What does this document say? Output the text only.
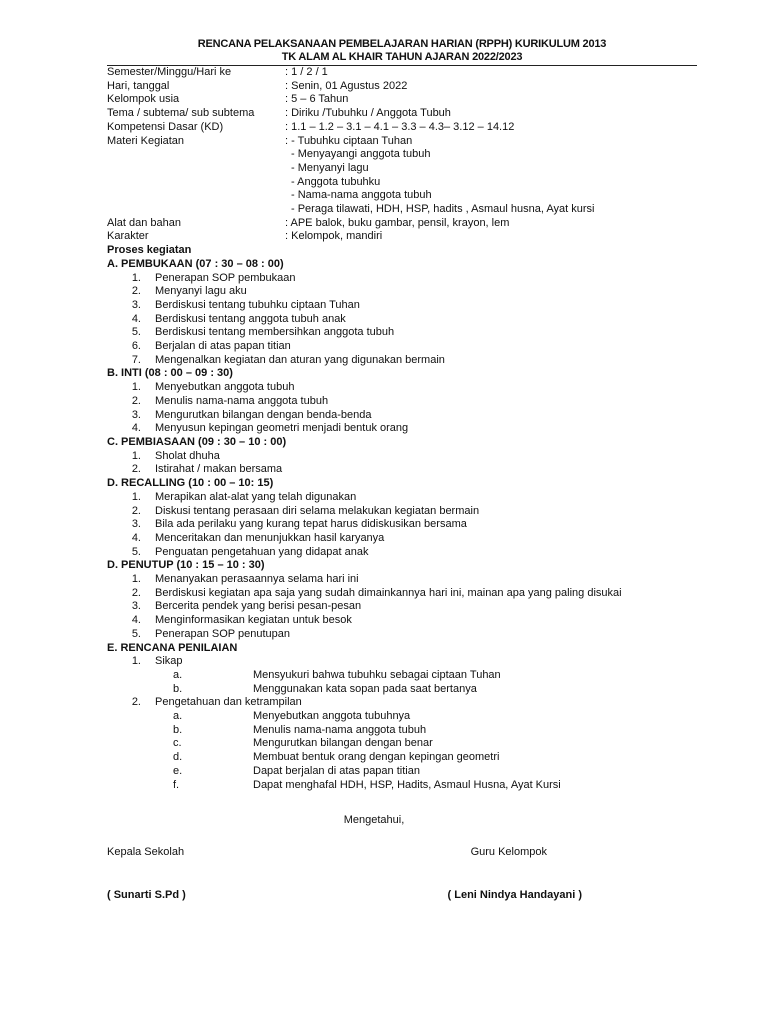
RENCANA PELAKSANAAN PEMBELAJARAN HARIAN (RPPH) KURIKULUM 2013
TK ALAM AL KHAIR TAHUN AJARAN 2022/2023
Semester/Minggu/Hari ke	: 1 / 2 / 1
Hari, tanggal	: Senin, 01 Agustus 2022
Kelompok usia	: 5 – 6 Tahun
Tema / subtema/ sub subtema	: Diriku /Tubuhku / Anggota Tubuh
Kompetensi Dasar (KD)	: 1.1 – 1.2 – 3.1 – 4.1 – 3.3 – 4.3– 3.12 – 14.12
Materi Kegiatan	: - Tubuhku ciptaan Tuhan
- Menyayangi anggota tubuh
- Menyanyi lagu
- Anggota tubuhku
- Nama-nama anggota tubuh
- Peraga tilawati, HDH, HSP, hadits , Asmaul husna, Ayat kursi
Alat dan bahan	: APE balok, buku gambar, pensil, krayon, lem
Karakter	: Kelompok, mandiri
Proses kegiatan
A. PEMBUKAAN (07 : 30 – 08 : 00)
1.	Penerapan SOP pembukaan
2.	Menyanyi lagu aku
3.	Berdiskusi tentang tubuhku ciptaan Tuhan
4.	Berdiskusi tentang anggota tubuh anak
5.	Berdiskusi tentang membersihkan anggota tubuh
6.	Berjalan di atas papan titian
7.	Mengenalkan kegiatan dan aturan yang digunakan bermain
B. INTI (08 : 00 – 09 : 30)
1.	Menyebutkan anggota tubuh
2.	Menulis nama-nama anggota tubuh
3.	Mengurutkan bilangan dengan benda-benda
4.	Menyusun kepingan geometri menjadi bentuk orang
C. PEMBIASAAN (09 : 30 – 10 : 00)
1.	Sholat dhuha
2.	Istirahat / makan bersama
D. RECALLING (10 : 00 – 10: 15)
1.	Merapikan alat-alat yang telah digunakan
2.	Diskusi tentang perasaan diri selama melakukan kegiatan bermain
3.	Bila ada perilaku yang kurang tepat harus didiskusikan bersama
4.	Menceritakan dan menunjukkan hasil karyanya
5.	Penguatan pengetahuan yang didapat anak
D. PENUTUP (10 : 15 – 10 : 30)
1.	Menanyakan perasaannya selama hari ini
2.	Berdiskusi kegiatan apa saja yang sudah dimainkannya hari ini, mainan apa yang paling disukai
3.	Bercerita pendek yang berisi pesan-pesan
4.	Menginformasikan kegiatan untuk besok
5.	Penerapan SOP penutupan
E. RENCANA PENILAIAN
1.	Sikap
a.	Mensyukuri bahwa tubuhku sebagai ciptaan Tuhan
b.	Menggunakan kata sopan pada saat bertanya
2.	Pengetahuan dan ketrampilan
a.	Menyebutkan anggota tubuhnya
b.	Menulis nama-nama anggota tubuh
c.	Mengurutkan bilangan dengan benar
d.	Membuat bentuk orang dengan kepingan geometri
e.	Dapat berjalan di atas papan titian
f.	Dapat menghafal HDH, HSP, Hadits, Asmaul Husna, Ayat Kursi
Mengetahui,
Kepala Sekolah	Guru Kelompok
( Sunarti S.Pd )	( Leni Nindya Handayani )
